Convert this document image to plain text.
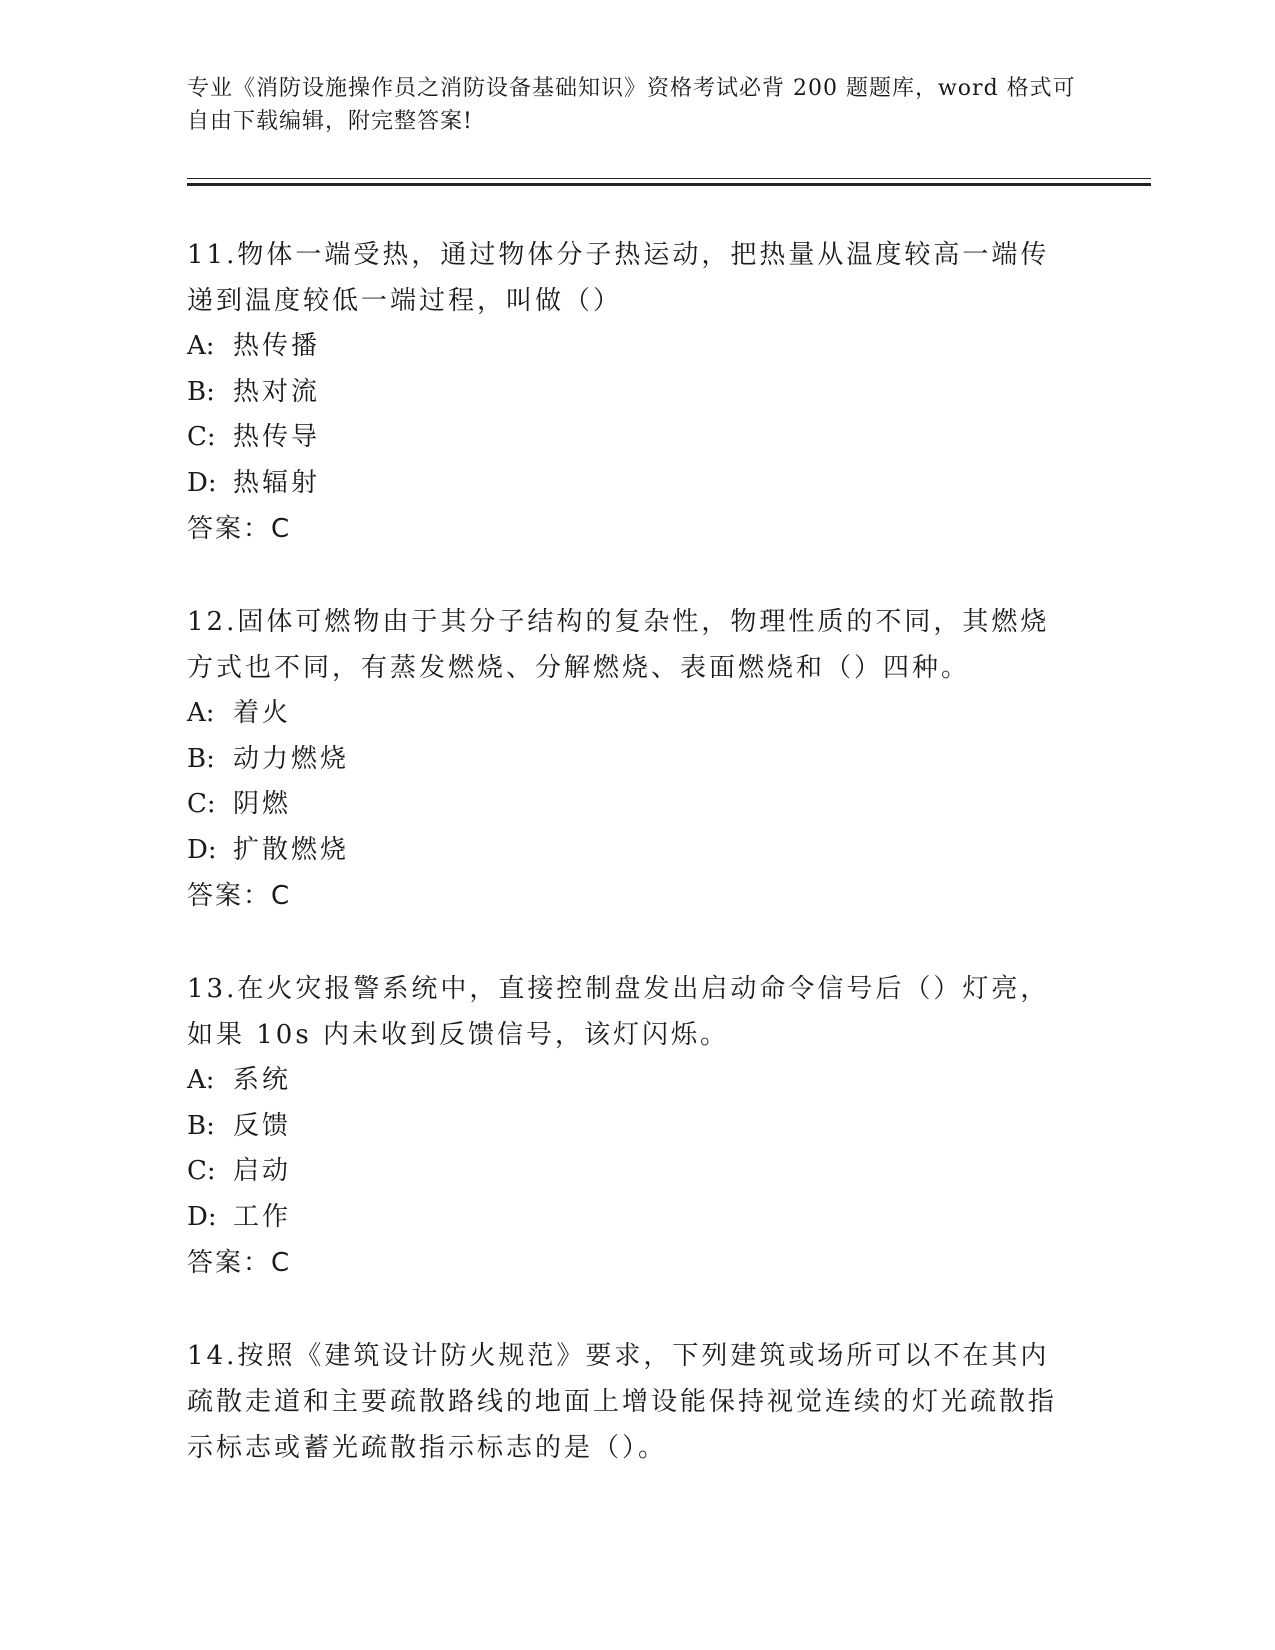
专业《消防设施操作员之消防设备基础知识》资格考试必背 200 题题库，word 格式可自由下载编辑，附完整答案!

11.物体一端受热，通过物体分子热运动，把热量从温度较高一端传递到温度较低一端过程，叫做（）

A: 热传播

B: 热对流

C: 热传导

D: 热辐射

答案：C

12.固体可燃物由于其分子结构的复杂性，物理性质的不同，其燃烧方式也不同，有蒸发燃烧、分解燃烧、表面燃烧和（）四种。

A: 着火

B: 动力燃烧

C: 阴燃

D: 扩散燃烧

答案：C

13.在火灾报警系统中，直接控制盘发出启动命令信号后（）灯亮，如果 10s 内未收到反馈信号，该灯闪烁。

A: 系统

B: 反馈

C: 启动

D: 工作

答案：C

14.按照《建筑设计防火规范》要求，下列建筑或场所可以不在其内疏散走道和主要疏散路线的地面上增设能保持视觉连续的灯光疏散指示标志或蓄光疏散指示标志的是（）。
